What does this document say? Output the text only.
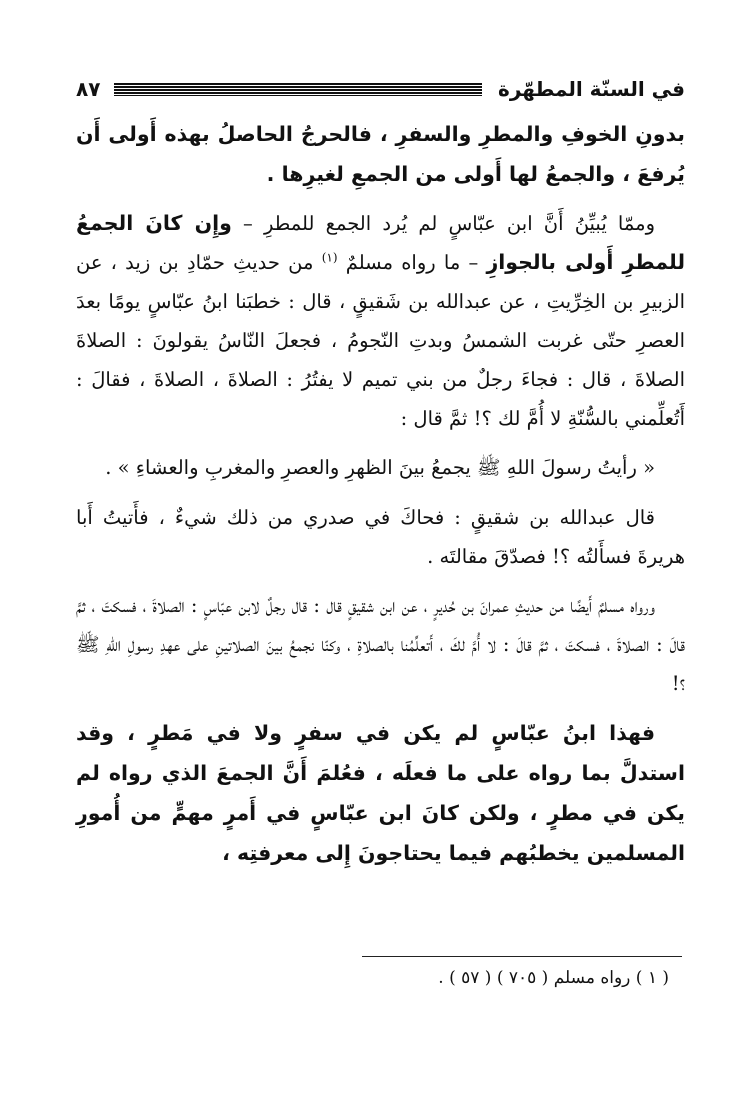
في السنّة المطهّرة
٨٧

بدونِ الخوفِ والمطرِ والسفرِ ، فالحرجُ الحاصلُ بهذه أَولى أَن يُرفعَ ، والجمعُ لها أَولى من الجمعِ لغيرِها .

وممّا يُبيِّنُ أَنَّ ابن عبّاسٍ لم يُرد الجمع للمطرِ – وإِن كانَ الجمعُ للمطرِ أَولى بالجوازِ – ما رواه مسلمٌ $^{(١)}$ من حديثِ حمّادِ بن زيد ، عن الزبيرِ بن الخِرِّيتِ ، عن عبدالله بن شَقيقٍ ، قال : خطبَنا ابنُ عبّاسٍ يومًا بعدَ العصرِ حتّى غربت الشمسُ وبدتِ النّجومُ ، فجعلَ النّاسُ يقولونَ : الصلاةَ الصلاةَ ، قال : فجاءَ رجلٌ من بني تميم لا يفتُرُ : الصلاةَ ، الصلاةَ ، فقالَ : أَتُعلِّمني بالسُّنّةِ لا أُمَّ لك ؟! ثمَّ قال :

« رأيتُ رسولَ اللهِ ﷺ يجمعُ بينَ الظهرِ والعصرِ والمغربِ والعشاءِ » .

قال عبدالله بن شقيقٍ : فحاكَ في صدري من ذلك شيءٌ ، فأَتيتُ أَبا هريرةَ فسأَلتُه ؟! فصدّقَ مقالتَه .

ورواه مسلمٌ أَيضًا من حديثِ عمرانَ بن حُديرٍ ، عن ابن شقيقٍ قال : قال رجلٌ لابن عبّاسٍ : الصلاةَ ، فسكتَ ، ثمَّ قالَ : الصلاةَ ، فسكتَ ، ثمَّ قالَ : لا أُمَّ لكَ ، أَتعلِّمُنا بالصلاةِ ، وكنّا نجمعُ بينَ الصلاتينِ على عهدِ رسولِ اللهِ ﷺ ؟!

فهذا ابنُ عبّاسٍ لم يكن في سفرٍ ولا في مَطرٍ ، وقد استدلَّ بما رواه على ما فعلَه ، فعُلمَ أَنَّ الجمعَ الذي رواه لم يكن في مطرٍ ، ولكن كانَ ابن عبّاسٍ في أَمرٍ مهمٍّ من أُمورِ المسلمين يخطبُهم فيما يحتاجونَ إِلى معرفتِه ،

( ١ ) رواه مسلم ( ٧٠٥ ) ( ٥٧ ) .
